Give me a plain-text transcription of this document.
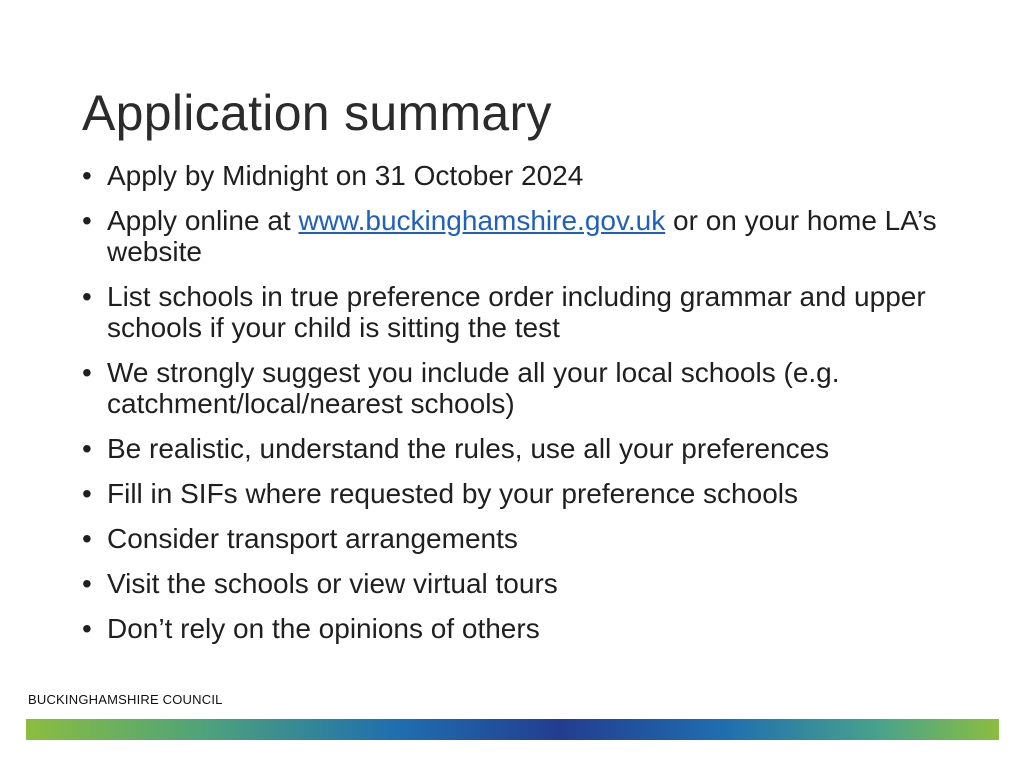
Application summary
• Apply by Midnight on 31 October 2024
• Apply online at www.buckinghamshire.gov.uk or on your home LA’s website
• List schools in true preference order including grammar and upper schools if your child is sitting the test
• We strongly suggest you include all your local schools (e.g. catchment/local/nearest schools)
• Be realistic, understand the rules, use all your preferences
• Fill in SIFs where requested by your preference schools
• Consider transport arrangements
• Visit the schools or view virtual tours
• Don’t rely on the opinions of others
BUCKINGHAMSHIRE COUNCIL
